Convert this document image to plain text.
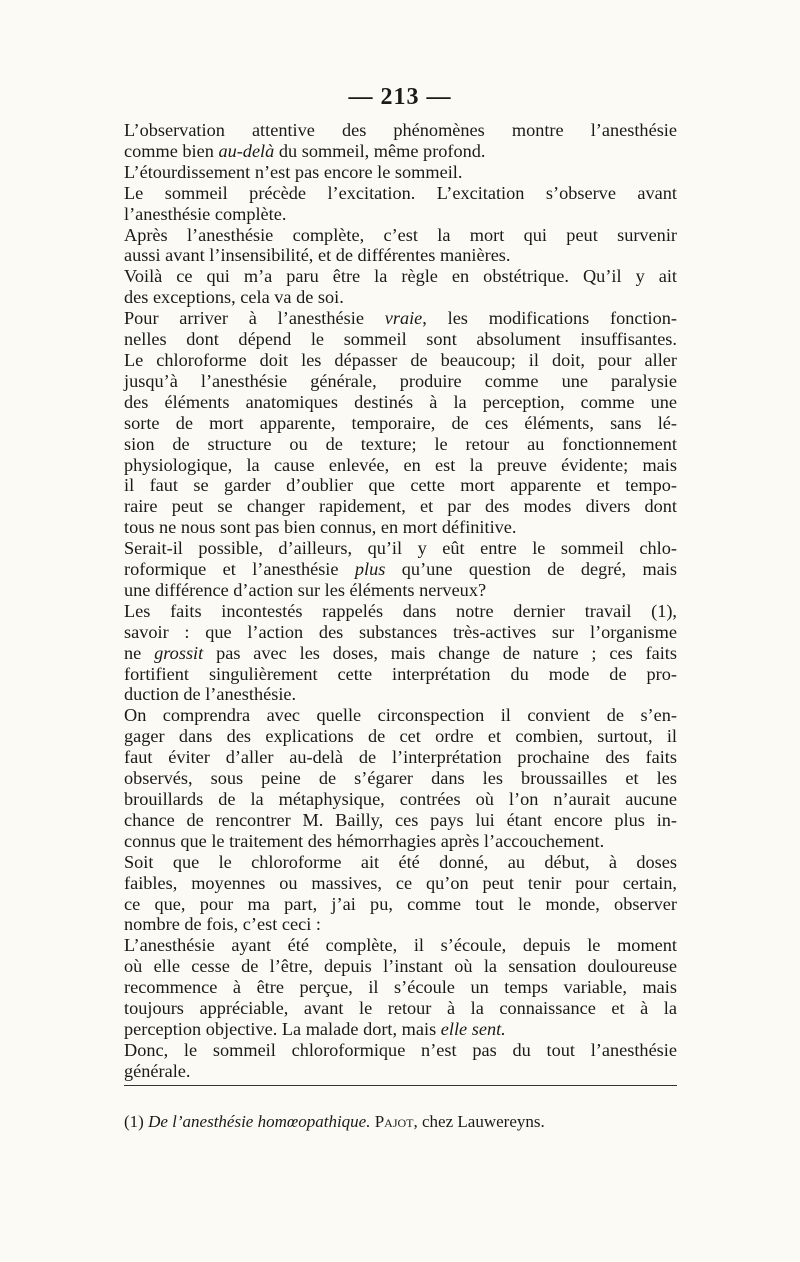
— 213 —
L’observation attentive des phénomènes montre l’anesthésie
comme bien au-delà du sommeil, même profond.
L’étourdissement n’est pas encore le sommeil.
Le sommeil précède l’excitation. L’excitation s’observe avant
l’anesthésie complète.
Après l’anesthésie complète, c’est la mort qui peut survenir
aussi avant l’insensibilité, et de différentes manières.
Voilà ce qui m’a paru être la règle en obstétrique. Qu’il y ait
des exceptions, cela va de soi.
Pour arriver à l’anesthésie vraie, les modifications fonction-
nelles dont dépend le sommeil sont absolument insuffisantes.
Le chloroforme doit les dépasser de beaucoup; il doit, pour aller
jusqu’à l’anesthésie générale, produire comme une paralysie
des éléments anatomiques destinés à la perception, comme une
sorte de mort apparente, temporaire, de ces éléments, sans lé-
sion de structure ou de texture; le retour au fonctionnement
physiologique, la cause enlevée, en est la preuve évidente; mais
il faut se garder d’oublier que cette mort apparente et tempo-
raire peut se changer rapidement, et par des modes divers dont
tous ne nous sont pas bien connus, en mort définitive.
Serait-il possible, d’ailleurs, qu’il y eût entre le sommeil chlo-
roformique et l’anesthésie plus qu’une question de degré, mais
une différence d’action sur les éléments nerveux?
Les faits incontestés rappelés dans notre dernier travail (1),
savoir : que l’action des substances très-actives sur l’organisme
ne grossit pas avec les doses, mais change de nature ; ces faits
fortifient singulièrement cette interprétation du mode de pro-
duction de l’anesthésie.
On comprendra avec quelle circonspection il convient de s’en-
gager dans des explications de cet ordre et combien, surtout, il
faut éviter d’aller au-delà de l’interprétation prochaine des faits
observés, sous peine de s’égarer dans les broussailles et les
brouillards de la métaphysique, contrées où l’on n’aurait aucune
chance de rencontrer M. Bailly, ces pays lui étant encore plus in-
connus que le traitement des hémorrhagies après l’accouchement.
Soit que le chloroforme ait été donné, au début, à doses
faibles, moyennes ou massives, ce qu’on peut tenir pour certain,
ce que, pour ma part, j’ai pu, comme tout le monde, observer
nombre de fois, c’est ceci :
L’anesthésie ayant été complète, il s’écoule, depuis le moment
où elle cesse de l’être, depuis l’instant où la sensation douloureuse
recommence à être perçue, il s’écoule un temps variable, mais
toujours appréciable, avant le retour à la connaissance et à la
perception objective. La malade dort, mais elle sent.
Donc, le sommeil chloroformique n’est pas du tout l’anesthésie
générale.
(1) De l’anesthésie homœopathique. Pajot, chez Lauwereyns.
